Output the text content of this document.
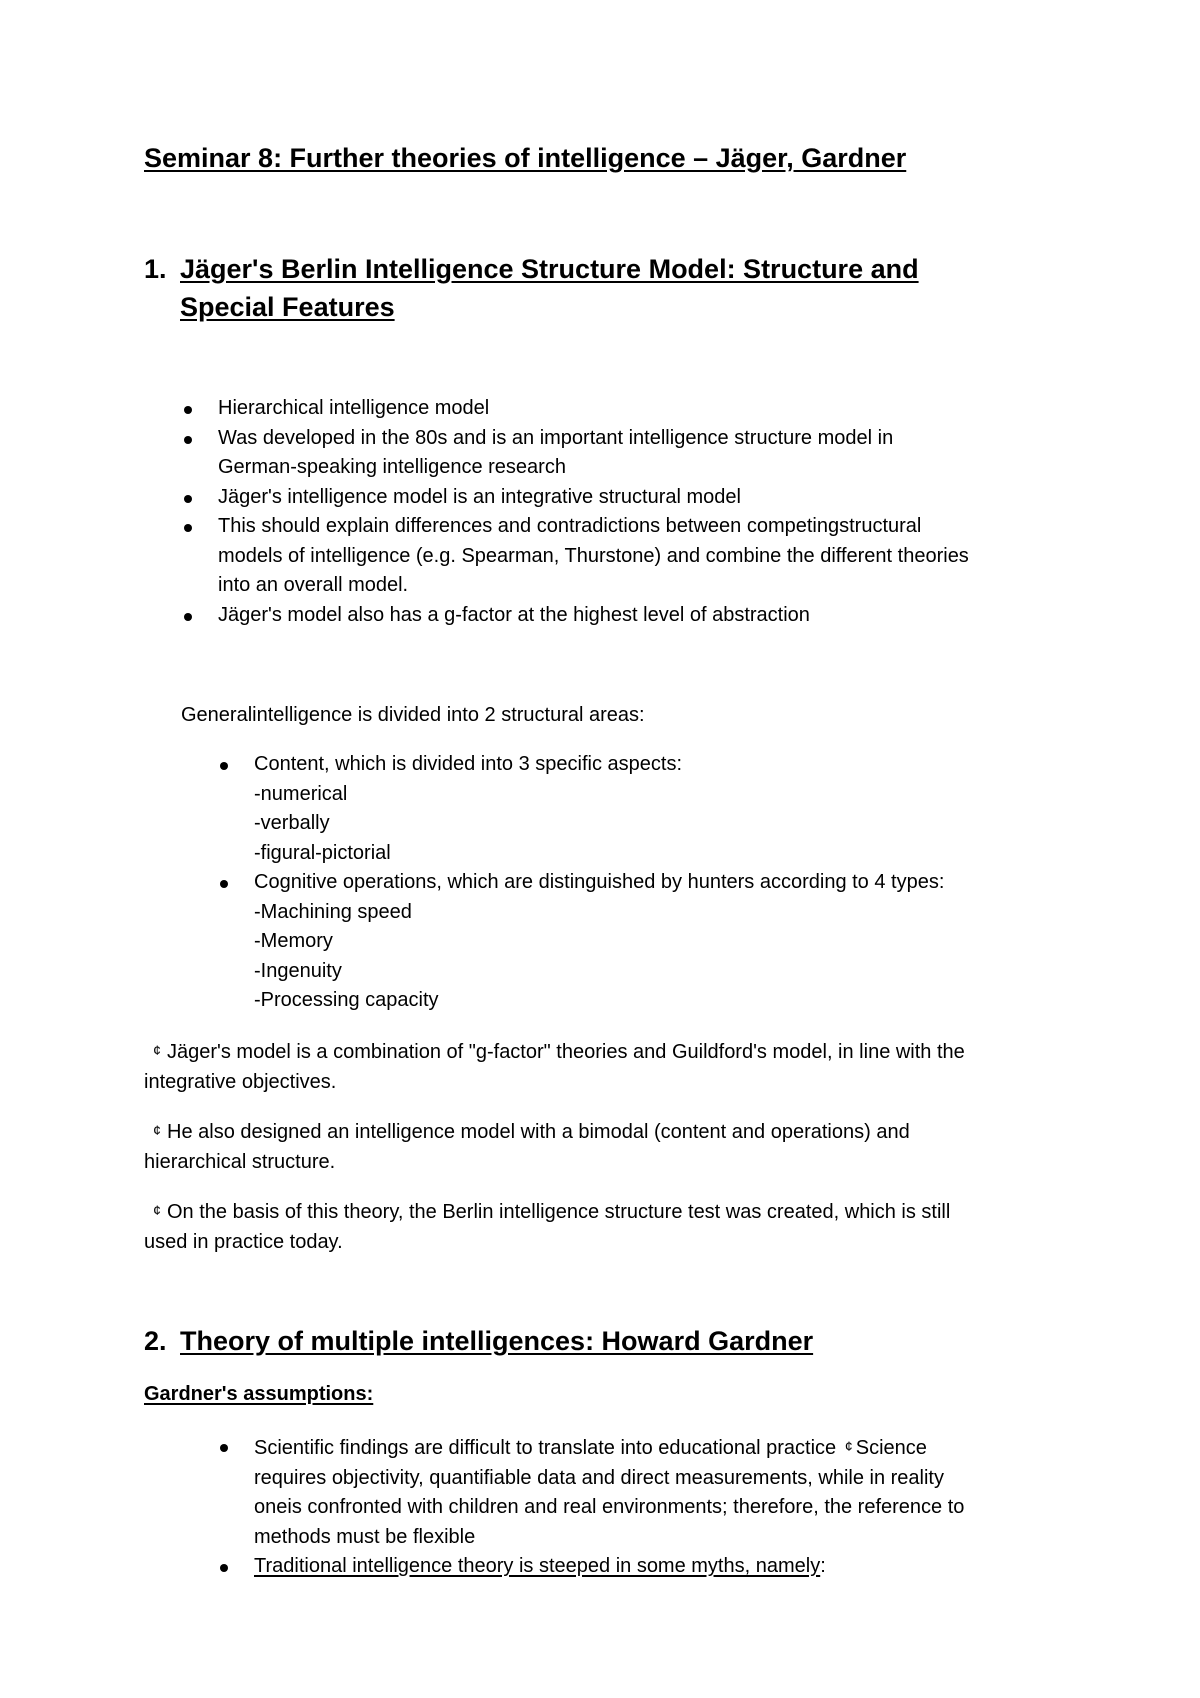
Seminar 8: Further theories of intelligence – Jäger, Gardner
1. Jäger's Berlin Intelligence Structure Model: Structure and
Special Features
Hierarchical intelligence model
Was developed in the 80s and is an important intelligence structure model in
German-speaking intelligence research
Jäger's intelligence model is an integrative structural model
This should explain differences and contradictions between competingstructural
models of intelligence (e.g. Spearman, Thurstone) and combine the different theories
into an overall model.
Jäger's model also has a g-factor at the highest level of abstraction
Generalintelligence is divided into 2 structural areas:
Content, which is divided into 3 specific aspects:
-numerical
-verbally
-figural-pictorial
Cognitive operations, which are distinguished by hunters according to 4 types:
-Machining speed
-Memory
-Ingenuity
-Processing capacity
¢ Jäger's model is a combination of "g-factor" theories and Guildford's model, in line with the
integrative objectives.
¢ He also designed an intelligence model with a bimodal (content and operations) and
hierarchical structure.
¢ On the basis of this theory, the Berlin intelligence structure test was created, which is still
used in practice today.
2. Theory of multiple intelligences: Howard Gardner
Gardner's assumptions:
Scientific findings are difficult to translate into educational practice ¢ Science
requires objectivity, quantifiable data and direct measurements, while in reality
oneis confronted with children and real environments; therefore, the reference to
methods must be flexible
Traditional intelligence theory is steeped in some myths, namely:
